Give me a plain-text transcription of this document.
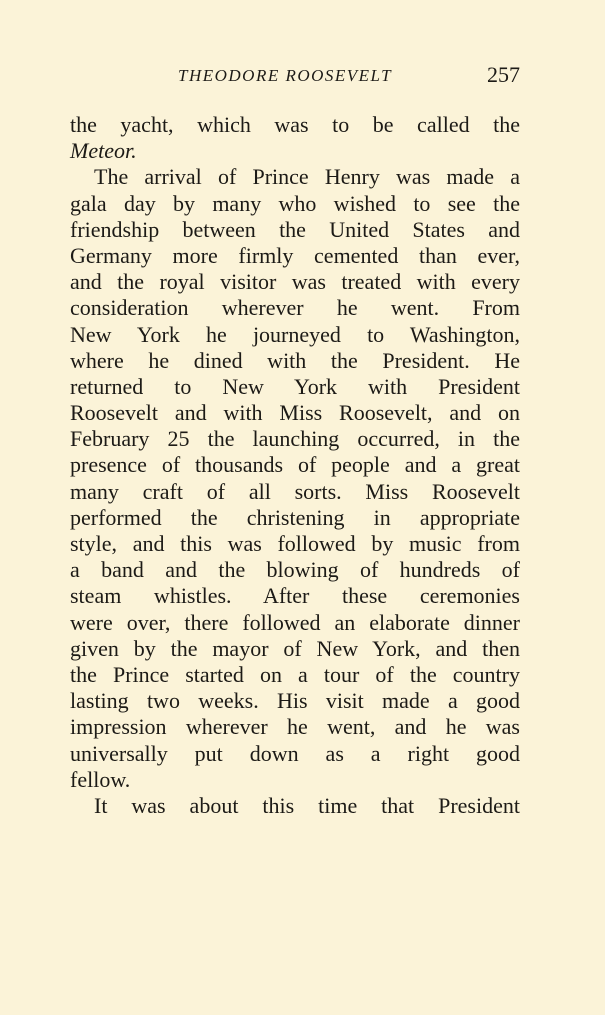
THEODORE ROOSEVELT	257
the yacht, which was to be called the
Meteor.
The arrival of Prince Henry was made a
gala day by many who wished to see the
friendship between the United States and
Germany more firmly cemented than ever,
and the royal visitor was treated with every
consideration wherever he went. From
New York he journeyed to Washington,
where he dined with the President. He
returned to New York with President
Roosevelt and with Miss Roosevelt, and on
February 25 the launching occurred, in the
presence of thousands of people and a great
many craft of all sorts. Miss Roosevelt
performed the christening in appropriate
style, and this was followed by music from
a band and the blowing of hundreds of
steam whistles. After these ceremonies
were over, there followed an elaborate dinner
given by the mayor of New York, and then
the Prince started on a tour of the country
lasting two weeks. His visit made a good
impression wherever he went, and he was
universally put down as a right good
fellow.
It was about this time that President
